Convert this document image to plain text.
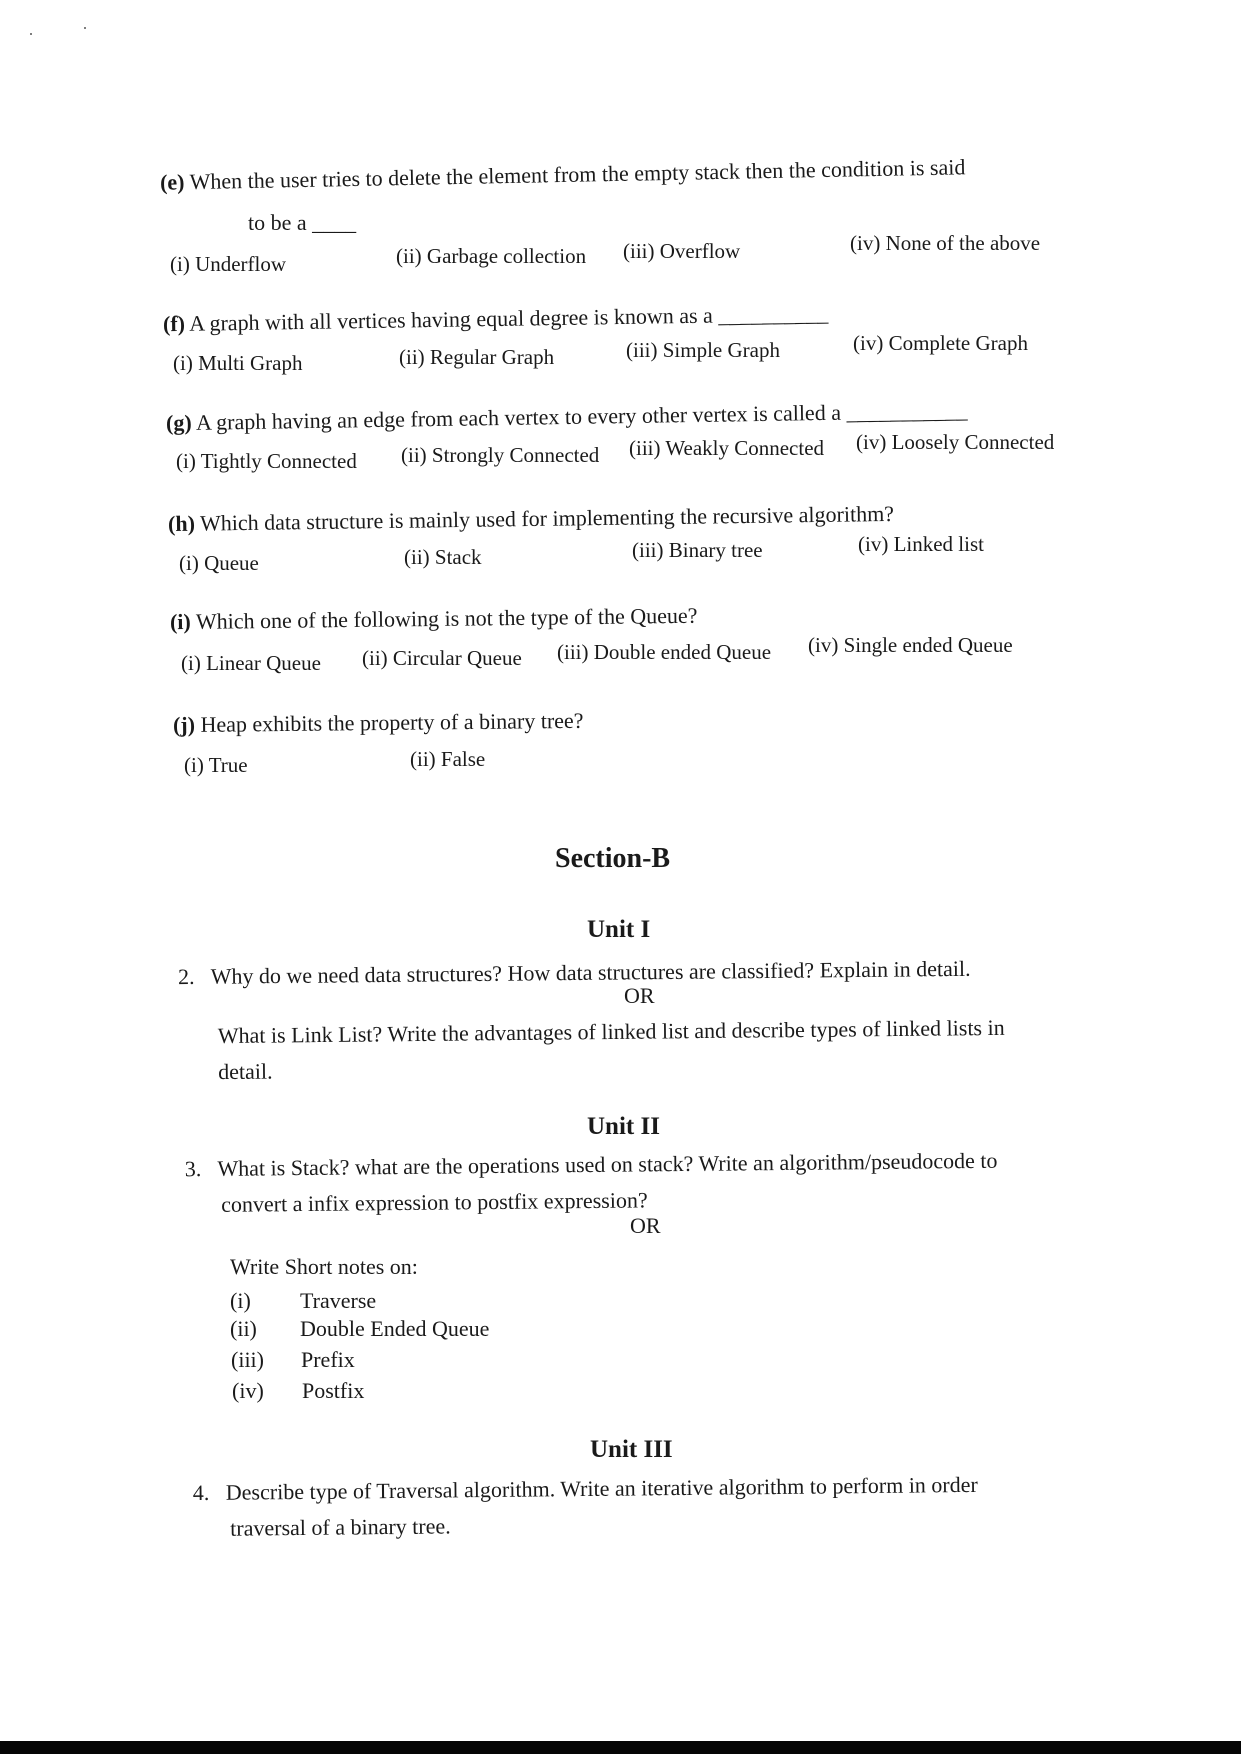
(e) When the user tries to delete the element from the empty stack then the condition is said
to be a ____
(i) Underflow	(ii) Garbage collection (iii) Overflow	(iv) None of the above
(f) A graph with all vertices having equal degree is known as a __________
(i) Multi Graph	(ii) Regular Graph	(iii) Simple Graph	(iv) Complete Graph
(g) A graph having an edge from each vertex to every other vertex is called a ___________
(i) Tightly Connected (ii) Strongly Connected (iii) Weakly Connected (iv) Loosely Connected
(h) Which data structure is mainly used for implementing the recursive algorithm?
(i) Queue	(ii) Stack	(iii) Binary tree	(iv) Linked list
(i) Which one of the following is not the type of the Queue?
(i) Linear Queue (ii) Circular Queue (iii) Double ended Queue (iv) Single ended Queue
(j) Heap exhibits the property of a binary tree?
(i) True	(ii) False
Section-B
Unit I
2. Why do we need data structures? How data structures are classified? Explain in detail.
OR
What is Link List? Write the advantages of linked list and describe types of linked lists in
detail.
Unit II
3. What is Stack? what are the operations used on stack? Write an algorithm/pseudocode to
convert a infix expression to postfix expression?
OR
Write Short notes on:
(i) Traverse
(ii) Double Ended Queue
(iii) Prefix
(iv) Postfix
Unit III
4. Describe type of Traversal algorithm. Write an iterative algorithm to perform in order
traversal of a binary tree.
